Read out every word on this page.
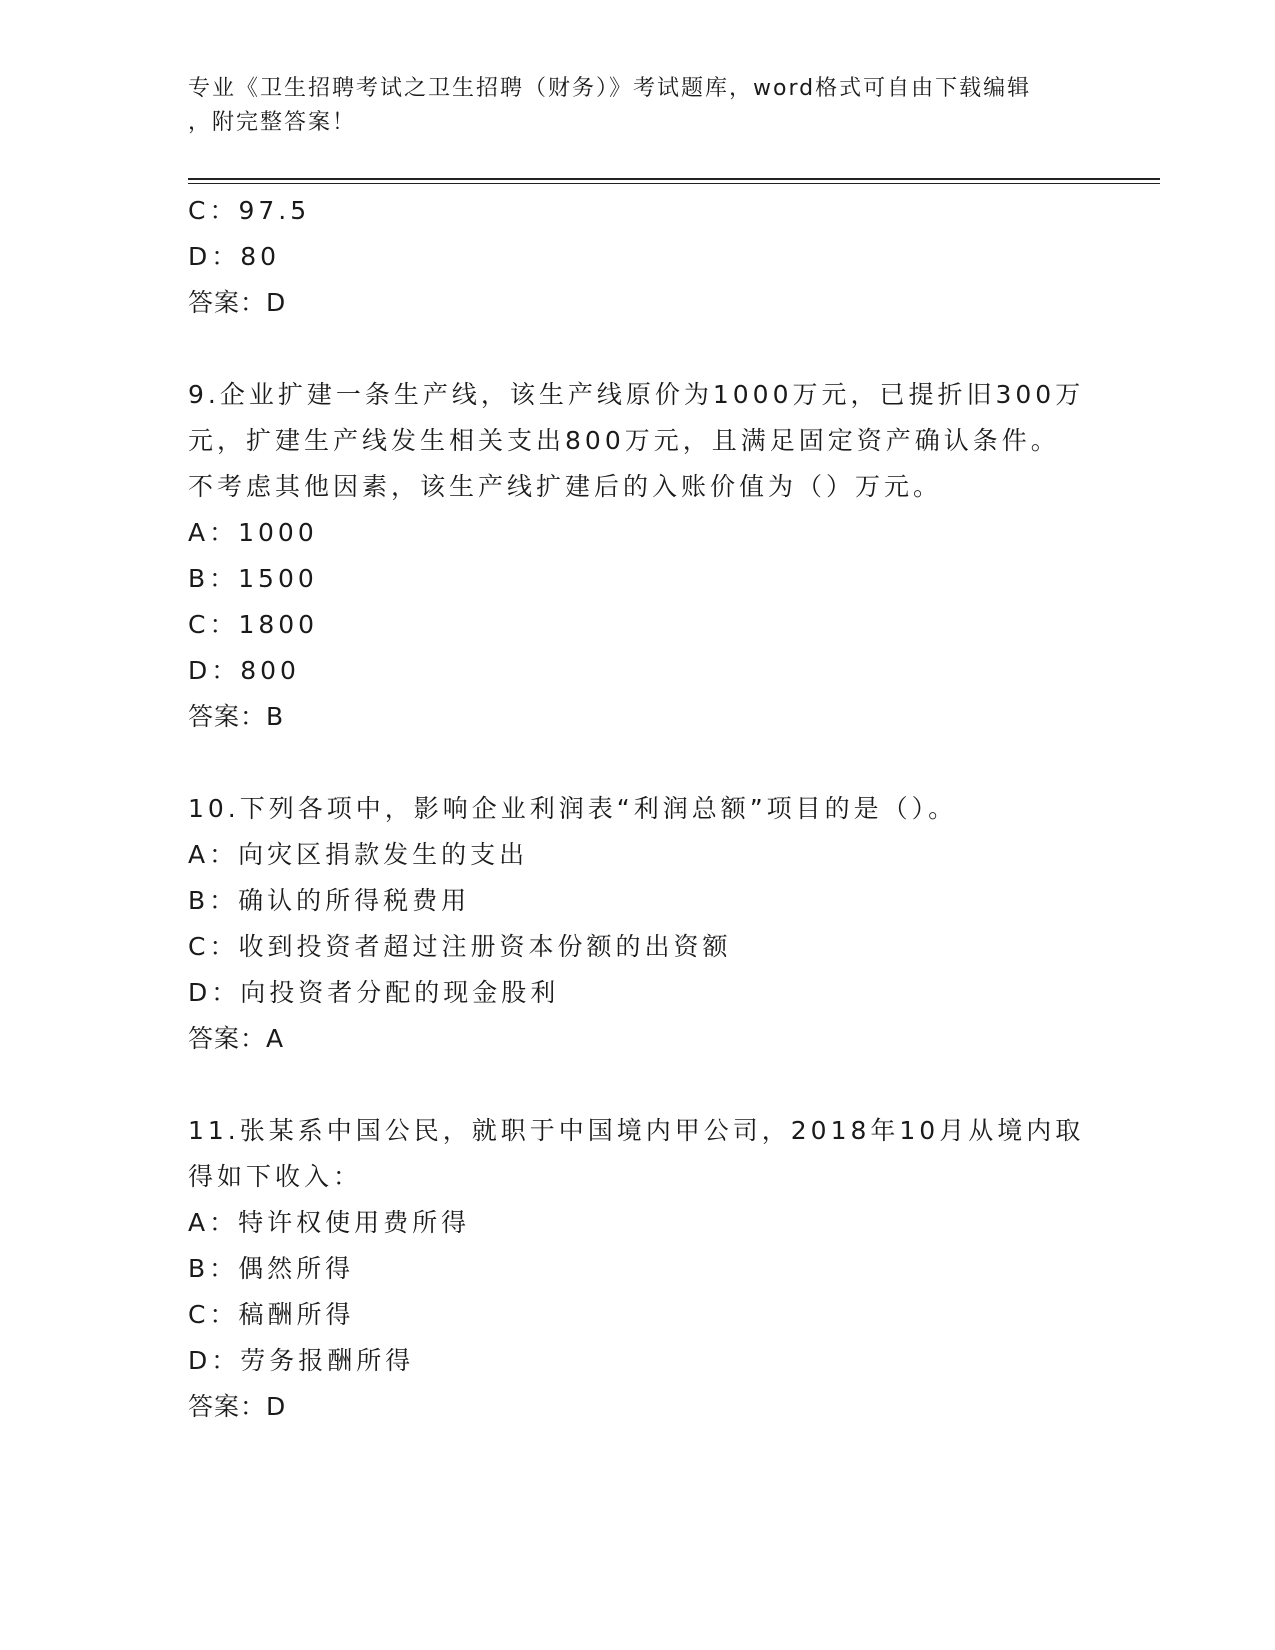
专业《卫生招聘考试之卫生招聘（财务）》考试题库，word格式可自由下载编辑
，附完整答案！
C：97.5
D：80
答案：D
9.企业扩建一条生产线，该生产线原价为1000万元，已提折旧300万
元，扩建生产线发生相关支出800万元，且满足固定资产确认条件。
不考虑其他因素，该生产线扩建后的入账价值为（）万元。
A：1000
B：1500
C：1800
D：800
答案：B
10.下列各项中，影响企业利润表“利润总额”项目的是（）。
A：向灾区捐款发生的支出
B：确认的所得税费用
C：收到投资者超过注册资本份额的出资额
D：向投资者分配的现金股利
答案：A
11.张某系中国公民，就职于中国境内甲公司，2018年10月从境内取
得如下收入：
A：特许权使用费所得
B：偶然所得
C：稿酬所得
D：劳务报酬所得
答案：D
